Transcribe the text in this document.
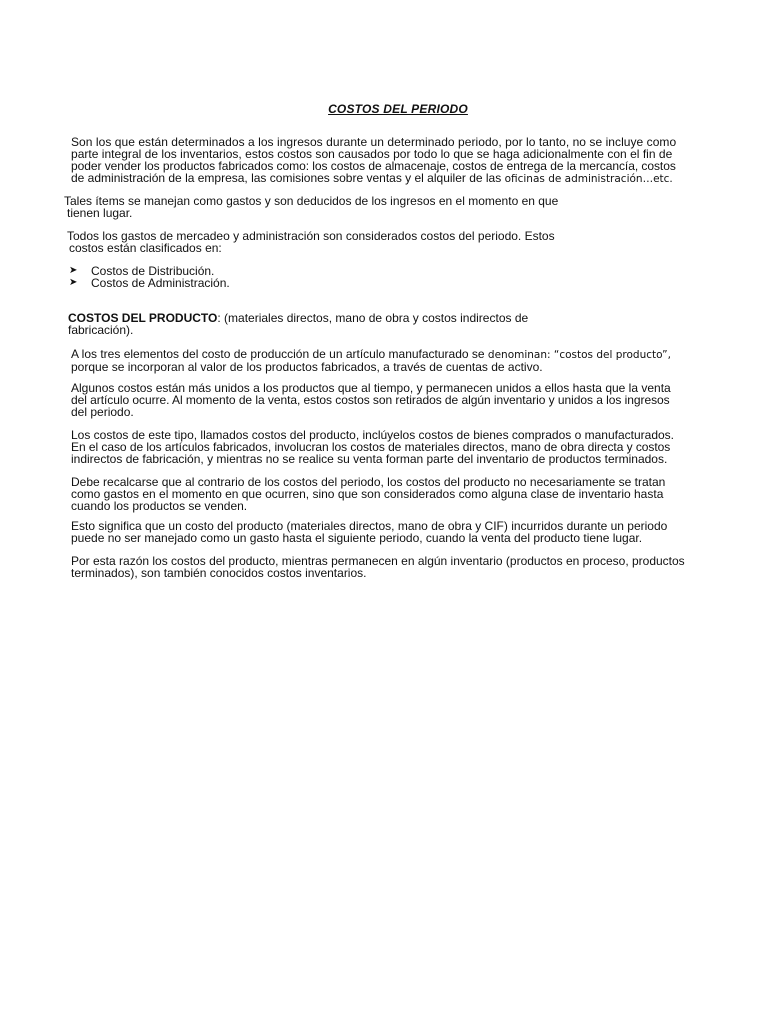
COSTOS DEL PERIODO
Son los que están determinados a los ingresos durante un determinado periodo, por lo tanto, no se incluye como
parte integral de los inventarios, estos costos son causados por todo lo que se haga adicionalmente con el fin de
poder vender los productos fabricados como: los costos de almacenaje, costos de entrega de la mercancía, costos
de administración de la empresa, las comisiones sobre ventas y el alquiler de las oficinas de administración…etc.
Tales ítems se manejan como gastos y son deducidos de los ingresos en el momento en que
tienen lugar.
Todos los gastos de mercadeo y administración son considerados costos del periodo. Estos
costos están clasificados en:
➤	Costos de Distribución.
➤	Costos de Administración.
COSTOS DEL PRODUCTO: (materiales directos, mano de obra y costos indirectos de
fabricación).
A los tres elementos del costo de producción de un artículo manufacturado se denominan: “costos del producto”,
porque se incorporan al valor de los productos fabricados, a través de cuentas de activo.
Algunos costos están más unidos a los productos que al tiempo, y permanecen unidos a ellos hasta que la venta
del artículo ocurre. Al momento de la venta, estos costos son retirados de algún inventario y unidos a los ingresos
del periodo.
Los costos de este tipo, llamados costos del producto, inclúyelos costos de bienes comprados o manufacturados.
En el caso de los artículos fabricados, involucran los costos de materiales directos, mano de obra directa y costos
indirectos de fabricación, y mientras no se realice su venta forman parte del inventario de productos terminados.
Debe recalcarse que al contrario de los costos del periodo, los costos del producto no necesariamente se tratan
como gastos en el momento en que ocurren, sino que son considerados como alguna clase de inventario hasta
cuando los productos se venden.
Esto significa que un costo del producto (materiales directos, mano de obra y CIF) incurridos durante un periodo
puede no ser manejado como un gasto hasta el siguiente periodo, cuando la venta del producto tiene lugar.
Por esta razón los costos del producto, mientras permanecen en algún inventario (productos en proceso, productos
terminados), son también conocidos costos inventarios.
